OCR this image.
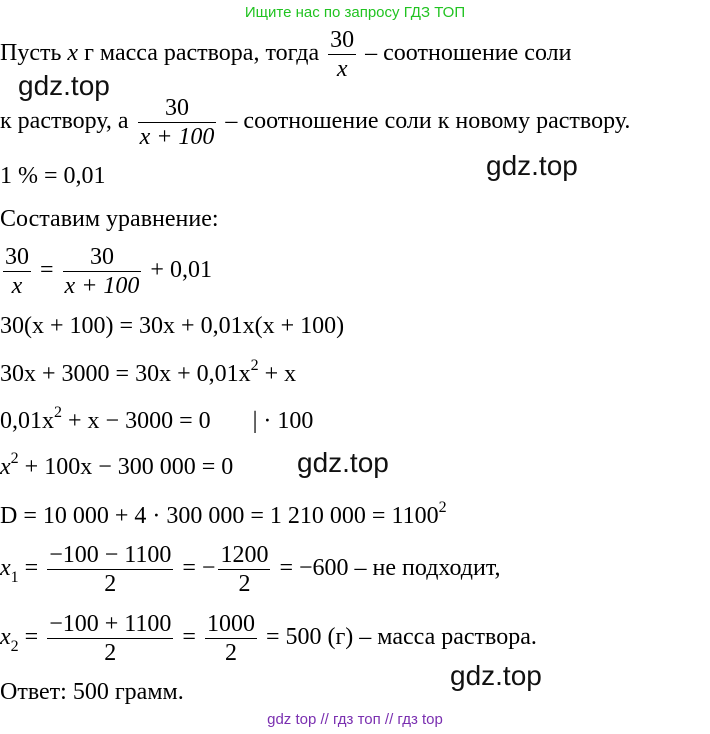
Ищите нас по запросу ГДЗ ТОП
Пусть x г масса раствора, тогда $\frac{30}{x}$ – соотношение соли
к раствору, а $\frac{30}{x + 100}$ – соотношение соли к новому раствору.
1 % = 0,01
Составим уравнение:
$\frac{30}{x} = \frac{30}{x + 100} + 0,01$
30(x + 100) = 30x + 0,01x(x + 100)
$30x + 3000 = 30x + 0,01x^2 + x$
$0,01x^2 + x - 3000 = 0$       | · 100
$x^2 + 100x - 300$ 000 = 0
D = 10 000 + 4 · 300 000 = 1 210 $000 = 1100^2$
$x_1 = \frac{-100 - 1100}{2}$ = − $\frac{1200}{2} = -600$ – не подходит,
$x_2 = \frac{-100 + 1100}{2} = \frac{1000}{2} = 500$ (г) – масса раствора.
Ответ: 500 грамм.
gdz.top
gdz.top
gdz.top
gdz.top
gdz top // гдз топ // гдз top
